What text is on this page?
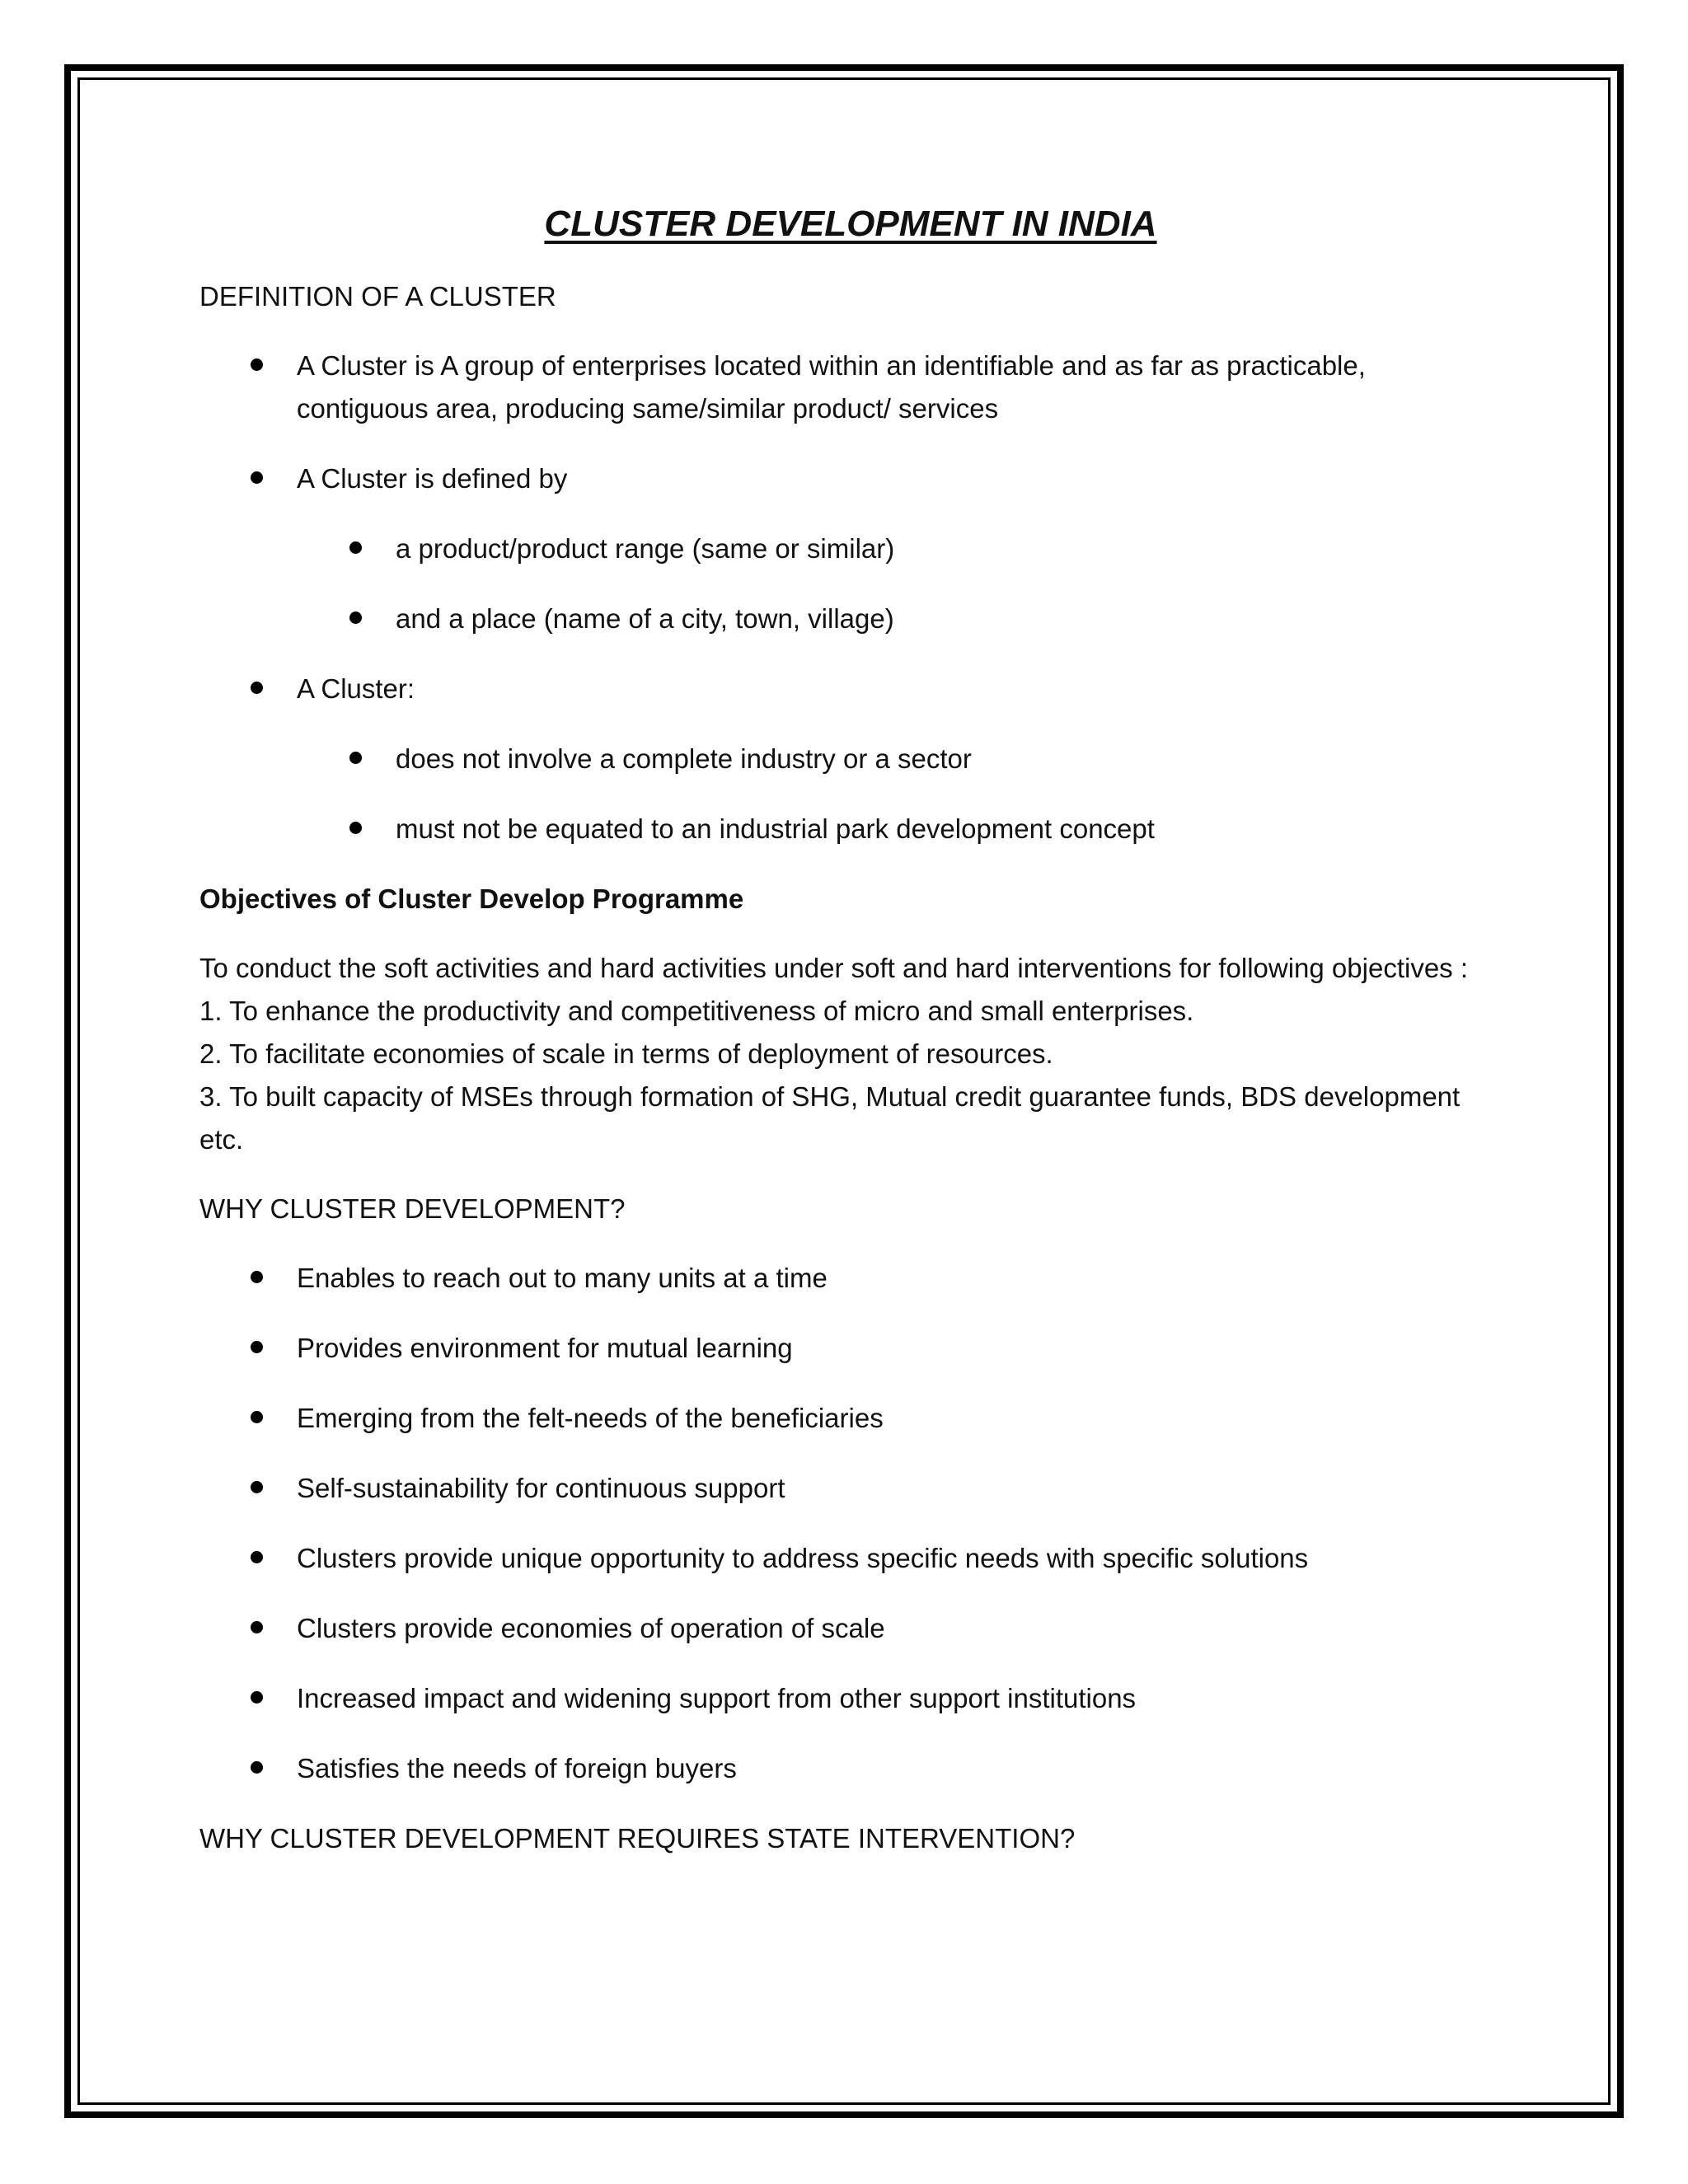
CLUSTER DEVELOPMENT IN INDIA
DEFINITION OF A CLUSTER
A Cluster is A group of enterprises located within an identifiable and as far as practicable, contiguous area, producing same/similar product/ services
A Cluster is defined by
a product/product range (same or similar)
and a place (name of a city, town, village)
A Cluster:
does not involve a complete industry or a sector
must not be equated to an industrial park development concept
Objectives of Cluster Develop Programme
To conduct the soft activities and hard activities under soft and hard interventions for following objectives :
1. To enhance the productivity and competitiveness of micro and small enterprises.
2. To facilitate economies of scale in terms of deployment of resources.
3. To built capacity of MSEs through formation of SHG, Mutual credit guarantee funds, BDS development etc.
WHY CLUSTER DEVELOPMENT?
Enables to reach out to many units at a time
Provides environment for mutual learning
Emerging from the felt-needs of the beneficiaries
Self-sustainability for continuous support
Clusters provide unique opportunity to address specific needs with specific solutions
Clusters provide economies of operation of scale
Increased impact and widening support from other support institutions
Satisfies the needs of foreign buyers
WHY CLUSTER DEVELOPMENT REQUIRES STATE INTERVENTION?
